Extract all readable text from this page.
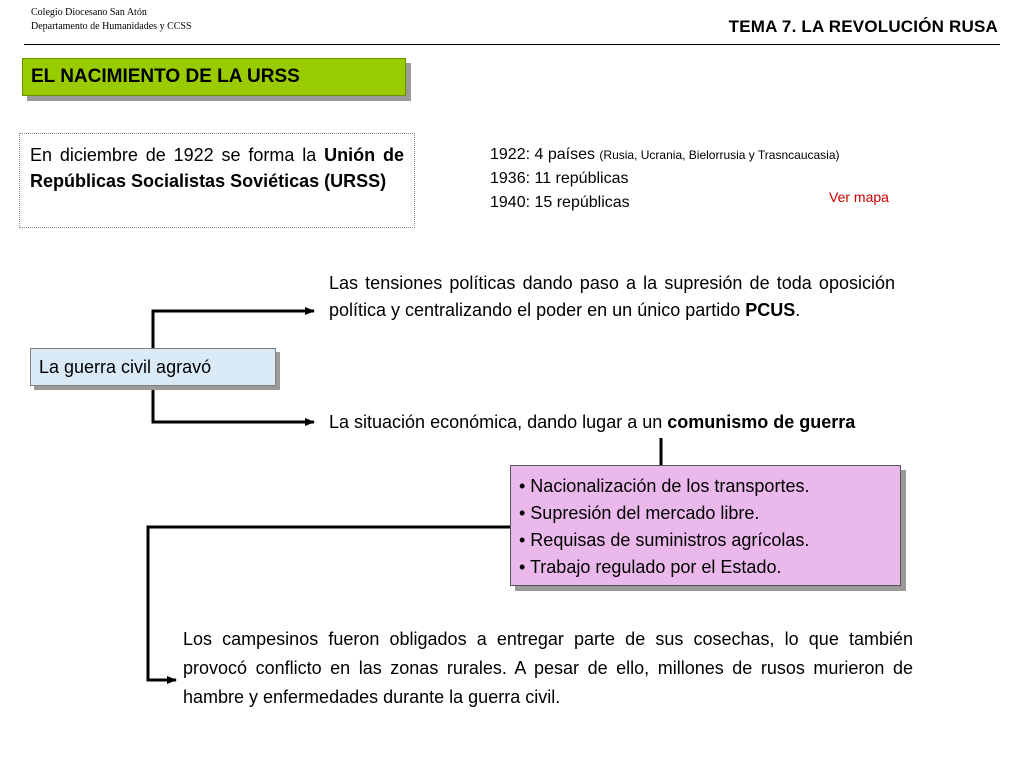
Colegio Diocesano San Atón
Departamento de Humanidades y CCSS	TEMA 7. LA REVOLUCIÓN RUSA
EL NACIMIENTO DE LA URSS
En diciembre de 1922 se forma la Unión de Repúblicas Socialistas Soviéticas (URSS)
1922: 4 países (Rusia, Ucrania, Bielorrusia y Trasncaucasia)
1936: 11 repúblicas
1940: 15 repúblicas	Ver mapa
La guerra civil agravó
Las tensiones políticas dando paso a la supresión de toda oposición política y centralizando el poder en un único partido PCUS.
La situación económica, dando lugar a un comunismo de guerra
• Nacionalización de los transportes.
• Supresión del mercado libre.
• Requisas de suministros agrícolas.
• Trabajo regulado por el Estado.
Los campesinos fueron obligados a entregar parte de sus cosechas, lo que también provocó conflicto en las zonas rurales. A pesar de ello, millones de rusos murieron de hambre y enfermedades durante la guerra civil.
